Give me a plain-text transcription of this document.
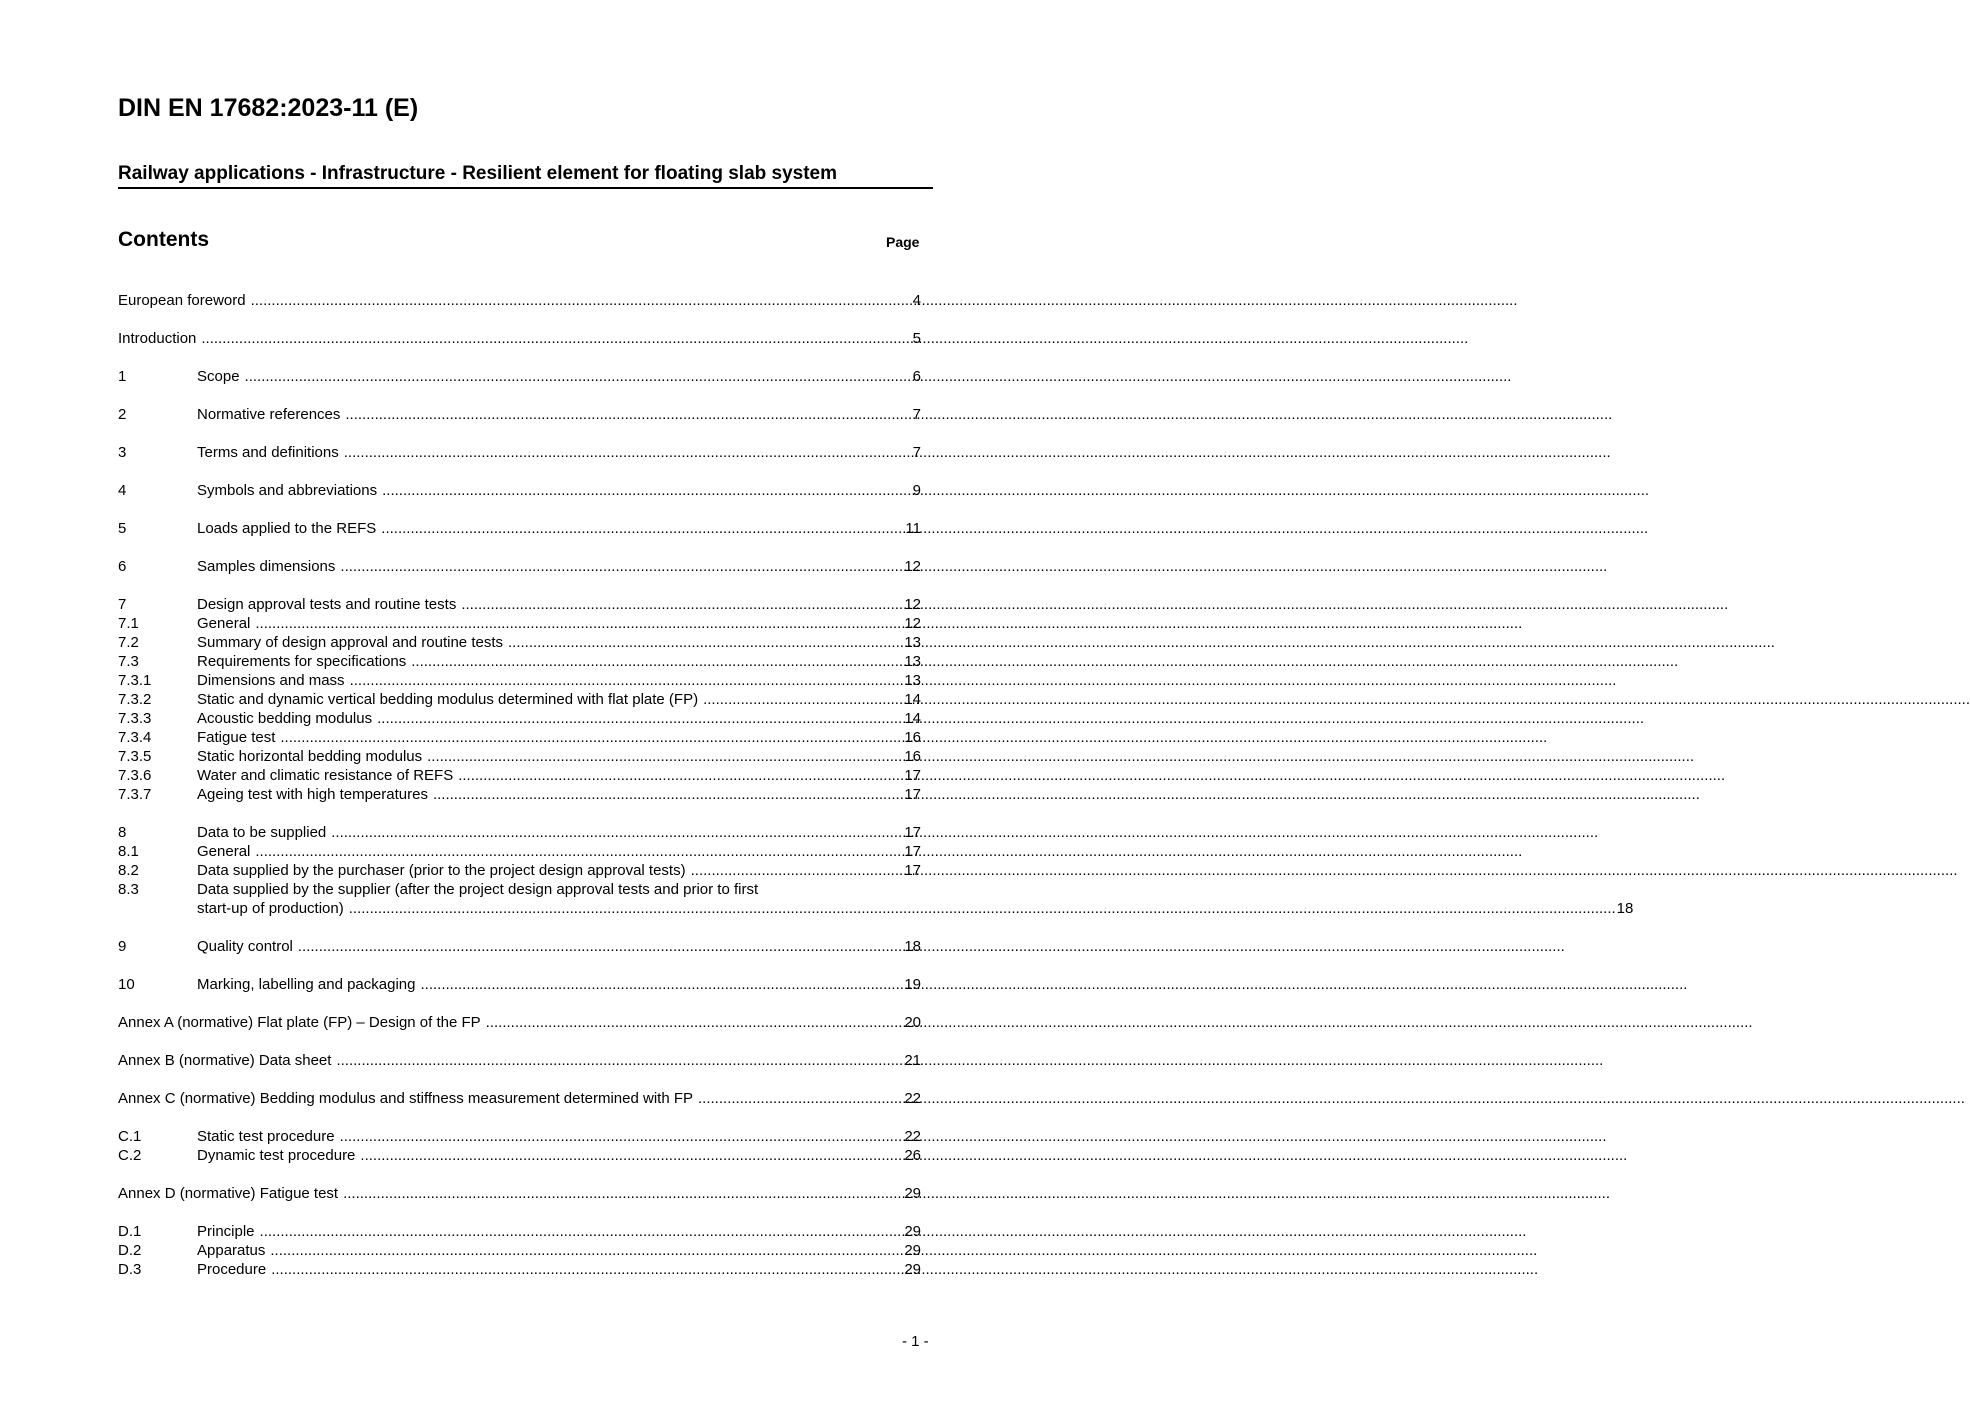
DIN EN 17682:2023-11 (E)
Railway applications - Infrastructure - Resilient element for floating slab system
Contents	Page
European foreword .....	4
Introduction .....	5
1	Scope .....	6
2	Normative references .....	7
3	Terms and definitions .....	7
4	Symbols and abbreviations .....	9
5	Loads applied to the REFS .....	11
6	Samples dimensions .....	12
7	Design approval tests and routine tests .....	12
7.1	General .....	12
7.2	Summary of design approval and routine tests .....	13
7.3	Requirements for specifications .....	13
7.3.1	Dimensions and mass .....	13
7.3.2	Static and dynamic vertical bedding modulus determined with flat plate (FP) .....	14
7.3.3	Acoustic bedding modulus .....	14
7.3.4	Fatigue test .....	16
7.3.5	Static horizontal bedding modulus .....	16
7.3.6	Water and climatic resistance of REFS .....	17
7.3.7	Ageing test with high temperatures .....	17
8	Data to be supplied .....	17
8.1	General .....	17
8.2	Data supplied by the purchaser (prior to the project design approval tests) .....	17
8.3	Data supplied by the supplier (after the project design approval tests and prior to first
start-up of production) .....	18
9	Quality control .....	18
10	Marking, labelling and packaging .....	19
Annex A (normative) Flat plate (FP) – Design of the FP .....	20
Annex B (normative) Data sheet .....	21
Annex C (normative) Bedding modulus and stiffness measurement determined with FP .....	22
C.1	Static test procedure .....	22
C.2	Dynamic test procedure .....	26
Annex D (normative) Fatigue test .....	29
D.1	Principle .....	29
D.2	Apparatus .....	29
D.3	Procedure .....	29
- 1 -
